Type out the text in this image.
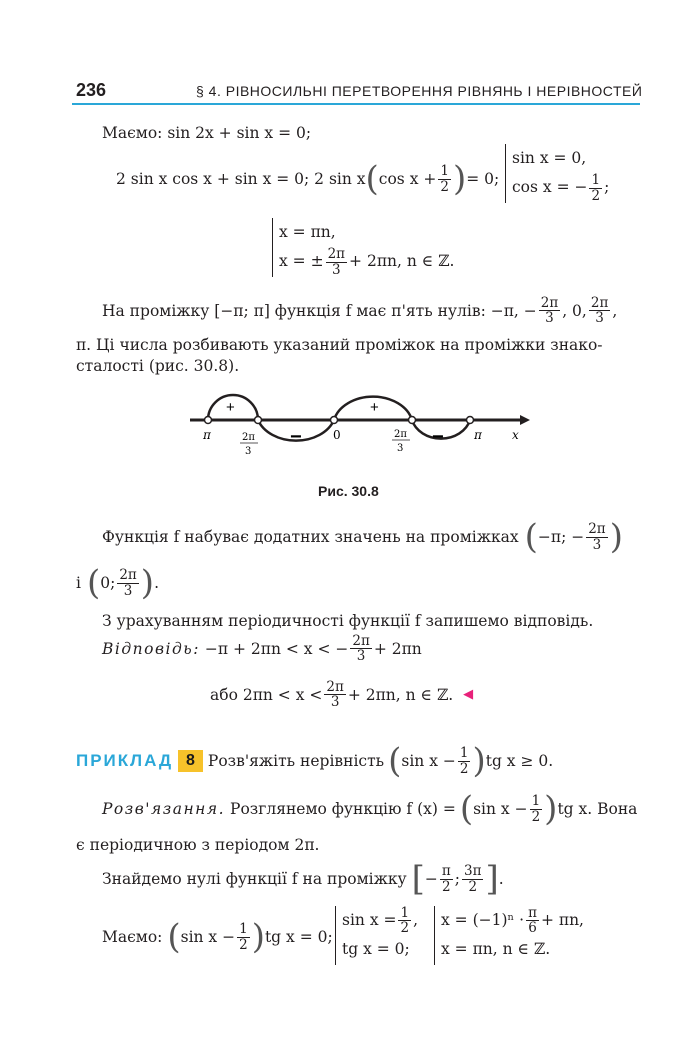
236	§ 4. РІВНОСИЛЬНІ ПЕРЕТВОРЕННЯ РІВНЯНЬ І НЕРІВНОСТЕЙ
Маємо: sin 2x + sin x = 0;
2 sin x cos x + sin x = 0; 2 sin x ( $\cos x + \frac{1}{2}$ ) = 0;
sin x = 0,
cos x = − $\frac{1}{2}$ ;
x = πn,
x = ± $\frac{2\pi}{3} + 2\pi n$, n ∈ ℤ.
На проміжку [−π; π] функція f має п'ять нулів: −π, − $\frac{2\pi}{3}$ , 0, $\frac{2\pi}{3}$ ,
π. Ці числа розбивають указаний проміжок на проміжки знако-
сталості (рис. 30.8).
+
−
+
−
π	2π
3
0	2π
3
π	x
Рис. 30.8
Функція f набуває додатних значень на проміжках ( −π; − $\frac{2\pi}{3}$ )
і ( 0; $\frac{2\pi}{3}$ ) .
З урахуванням періодичності функції f запишемо відповідь.
Відповідь:
−π + 2πn < x < − $\frac{2\pi}{3} + 2\pi n$
або $2\pi n < x < \frac{2\pi}{3} + 2\pi n$, n ∈ ℤ.
◀
ПРИКЛАД
8
Розв'яжіть нерівність ( $\sin x - \frac{1}{2}$ ) tg x ≥ 0.
Розв'язання.
Розглянемо функцію f (x) = ( $\sin x - \frac{1}{2}$ ) tg x. Вона
є періодичною з періодом 2π.
Знайдемо нулі функції f на проміжку
[ − $\frac{\pi}{2}$ ; $\frac{3\pi}{2}$ ] .
Маємо:
( $\sin x - \frac{1}{2}$ ) tg x = 0;
$\sin x = \frac{1}{2}$ ,
tg x = 0;
$x = (-1)^n \cdot \frac{\pi}{6} + \pi n$,
x = πn, n ∈ ℤ.
